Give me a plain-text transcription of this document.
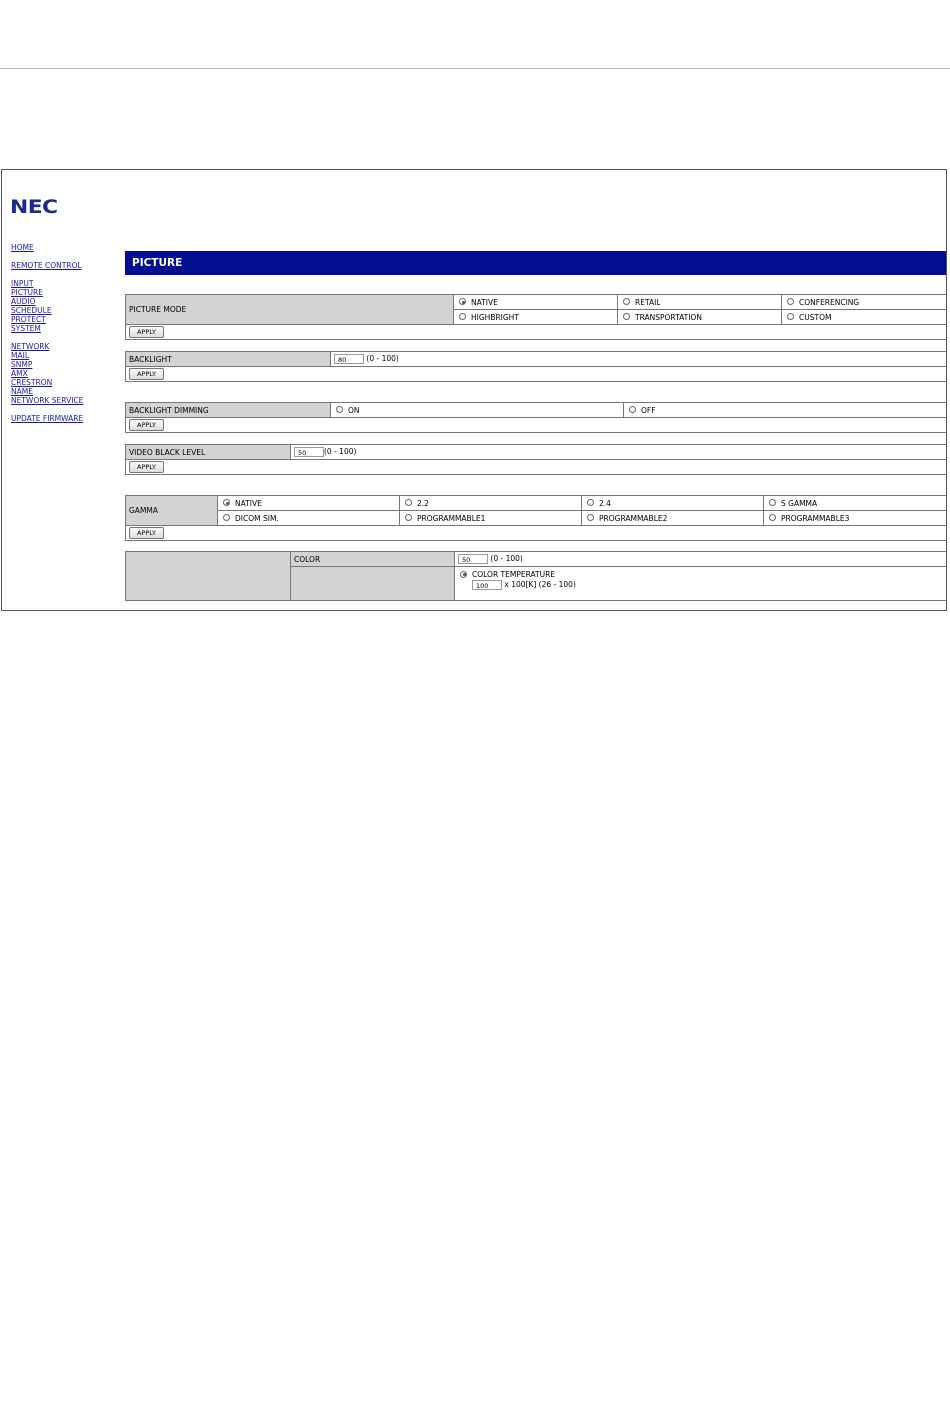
NEC
HOME
REMOTE CONTROL
INPUT
PICTURE
AUDIO
SCHEDULE
PROTECT
SYSTEM
NETWORK
MAIL
SNMP
AMX
CRESTRON
NAME
NETWORK SERVICE
UPDATE FIRMWARE
PICTURE
PICTURE MODE	NATIVE	RETAIL	CONFERENCING
	HIGHBRIGHT	TRANSPORTATION	CUSTOM
APPLY			
BACKLIGHT	80	(0 - 100)
APPLY
BACKLIGHT DIMMING	ON	OFF
APPLY
VIDEO BLACK LEVEL	50 (0 - 100)
APPLY
GAMMA	NATIVE	2.2	2.4	S GAMMA
	DICOM SIM.	PROGRAMMABLE1	PROGRAMMABLE2	PROGRAMMABLE3
APPLY				
	COLOR	50 (0 - 100)

		COLOR TEMPERATURE
100 x 100[K] (26 - 100)
